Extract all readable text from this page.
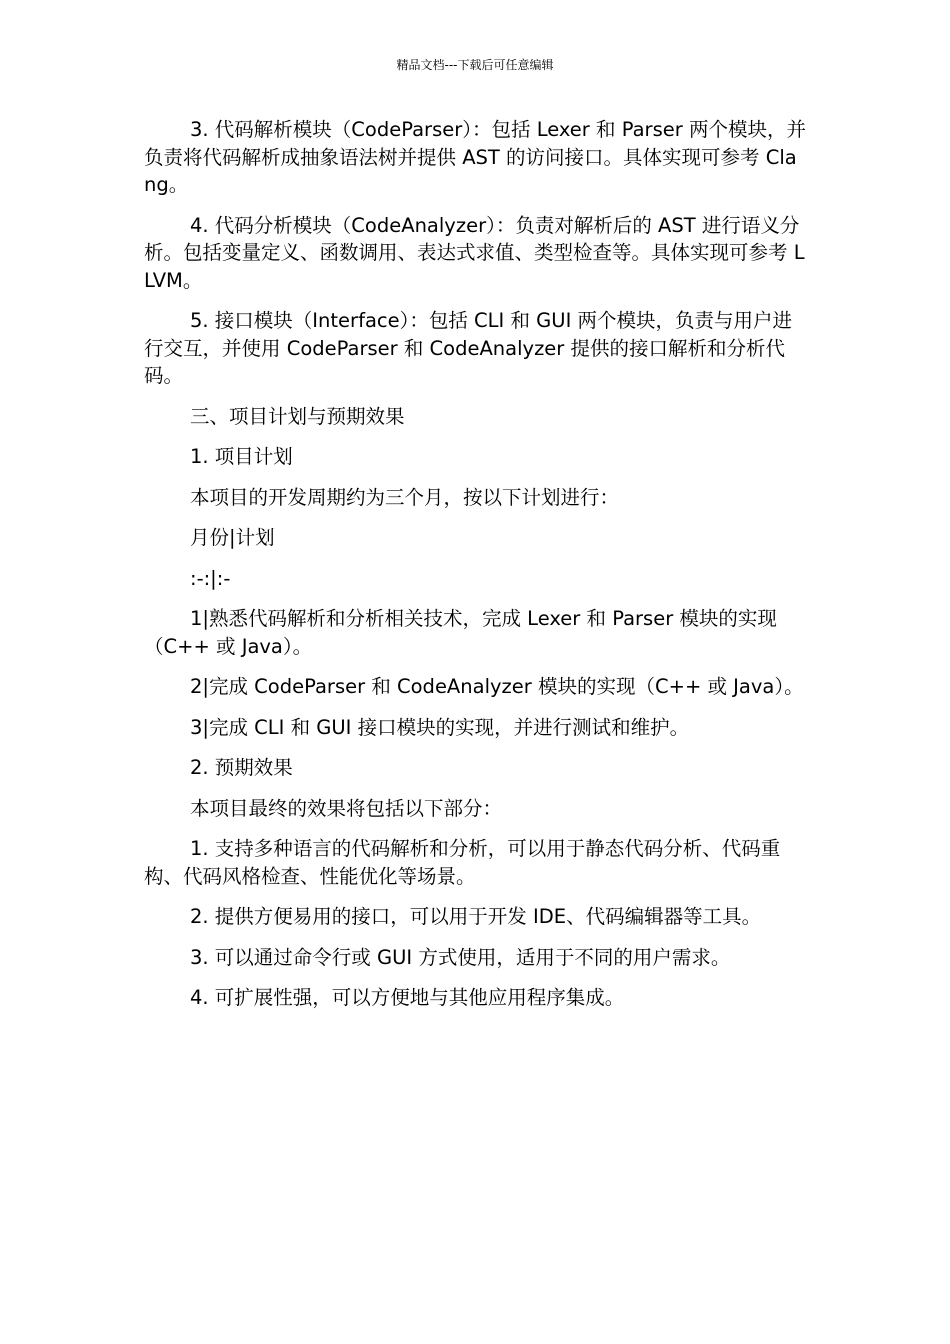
精品文档---下载后可任意编辑

3. 代码解析模块（CodeParser）：包括 Lexer 和 Parser 两个模块，并负责将代码解析成抽象语法树并提供 AST 的访问接口。具体实现可参考 Clang。

4. 代码分析模块（CodeAnalyzer）：负责对解析后的 AST 进行语义分析。包括变量定义、函数调用、表达式求值、类型检查等。具体实现可参考 LLVM。

5. 接口模块（Interface）：包括 CLI 和 GUI 两个模块，负责与用户进行交互，并使用 CodeParser 和 CodeAnalyzer 提供的接口解析和分析代码。

三、项目计划与预期效果

1. 项目计划

本项目的开发周期约为三个月，按以下计划进行：

月份|计划

:-:|:-

1|熟悉代码解析和分析相关技术，完成 Lexer 和 Parser 模块的实现（C++ 或 Java）。

2|完成 CodeParser 和 CodeAnalyzer 模块的实现（C++ 或 Java）。

3|完成 CLI 和 GUI 接口模块的实现，并进行测试和维护。

2. 预期效果

本项目最终的效果将包括以下部分：

1. 支持多种语言的代码解析和分析，可以用于静态代码分析、代码重构、代码风格检查、性能优化等场景。

2. 提供方便易用的接口，可以用于开发 IDE、代码编辑器等工具。

3. 可以通过命令行或 GUI 方式使用，适用于不同的用户需求。

4. 可扩展性强，可以方便地与其他应用程序集成。
